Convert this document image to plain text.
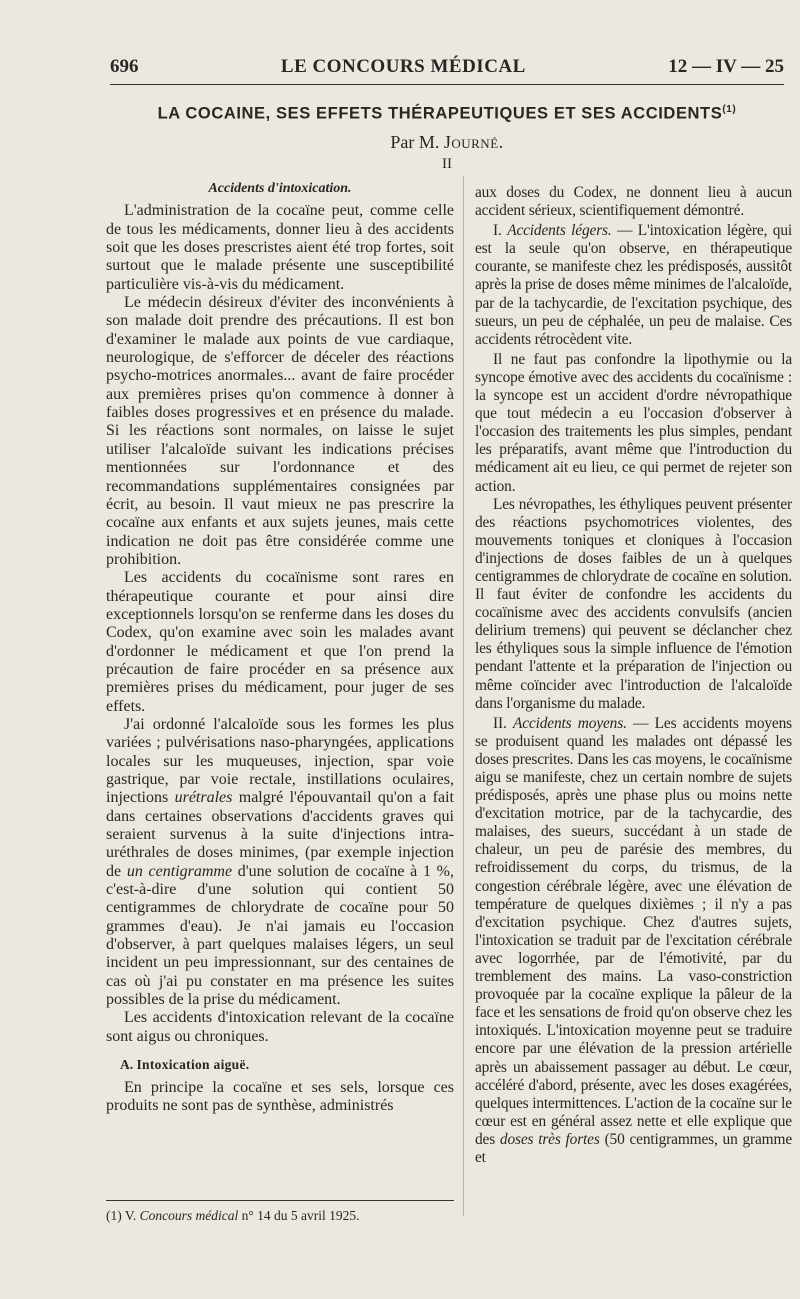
696	LE CONCOURS MÉDICAL	12 — IV — 25
LA COCAINE, SES EFFETS THÉRAPEUTIQUES ET SES ACCIDENTS$^{(1)}$
Par M. Journé.
II

Accidents d'intoxication.

L'administration de la cocaïne peut, comme celle de tous les médicaments, donner lieu à des accidents soit que les doses prescristes aient été trop fortes, soit surtout que le malade présente une susceptibilité particulière vis-à-vis du médicament.

Le médecin désireux d'éviter des inconvénients à son malade doit prendre des précautions. Il est bon d'examiner le malade aux points de vue cardiaque, neurologique, de s'efforcer de déceler des réactions psycho-motrices anormales... avant de faire procéder aux premières prises qu'on commence à donner à faibles doses progressives et en présence du malade. Si les réactions sont normales, on laisse le sujet utiliser l'alcaloïde suivant les indications précises mentionnées sur l'ordonnance et des recommandations supplémentaires consignées par écrit, au besoin. Il vaut mieux ne pas prescrire la cocaïne aux enfants et aux sujets jeunes, mais cette indication ne doit pas être considérée comme une prohibition.

Les accidents du cocaïnisme sont rares en thérapeutique courante et pour ainsi dire exceptionnels lorsqu'on se renferme dans les doses du Codex, qu'on examine avec soin les malades avant d'ordonner le médicament et que l'on prend la précaution de faire procéder en sa présence aux premières prises du médicament, pour juger de ses effets.

J'ai ordonné l'alcaloïde sous les formes les plus variées ; pulvérisations naso-pharyngées, applications locales sur les muqueuses, injection, spar voie gastrique, par voie rectale, instillations oculaires, injections urétrales malgré l'épouvantail qu'on a fait dans certaines observations d'accidents graves qui seraient survenus à la suite d'injections intra-uréthrales de doses minimes, (par exemple injection de un centigramme d'une solution de cocaïne à 1 %, c'est-à-dire d'une solution qui contient 50 centigrammes de chlorydrate de cocaïne pour 50 grammes d'eau). Je n'ai jamais eu l'occasion d'observer, à part quelques malaises légers, un seul incident un peu impressionnant, sur des centaines de cas où j'ai pu constater en ma présence les suites possibles de la prise du médicament.

Les accidents d'intoxication relevant de la cocaïne sont aigus ou chroniques.

A. Intoxication aiguë.

En principe la cocaïne et ses sels, lorsque ces produits ne sont pas de synthèse, administrés

aux doses du Codex, ne donnent lieu à aucun accident sérieux, scientifiquement démontré.

I. Accidents légers. — L'intoxication légère, qui est la seule qu'on observe, en thérapeutique courante, se manifeste chez les prédisposés, aussitôt après la prise de doses même minimes de l'alcaloïde, par de la tachycardie, de l'excitation psychique, des sueurs, un peu de céphalée, un peu de malaise. Ces accidents rétrocèdent vite.

Il ne faut pas confondre la lipothymie ou la syncope émotive avec des accidents du cocaïnisme : la syncope est un accident d'ordre névropathique que tout médecin a eu l'occasion d'observer à l'occasion des traitements les plus simples, pendant les préparatifs, avant même que l'introduction du médicament ait eu lieu, ce qui permet de rejeter son action.

Les névropathes, les éthyliques peuvent présenter des réactions psychomotrices violentes, des mouvements toniques et cloniques à l'occasion d'injections de doses faibles de un à quelques centigrammes de chlorydrate de cocaïne en solution. Il faut éviter de confondre les accidents du cocaïnisme avec des accidents convulsifs (ancien delirium tremens) qui peuvent se déclancher chez les éthyliques sous la simple influence de l'émotion pendant l'attente et la préparation de l'injection ou même coïncider avec l'introduction de l'alcaloïde dans l'organisme du malade.

II. Accidents moyens. — Les accidents moyens se produisent quand les malades ont dépassé les doses prescrites. Dans les cas moyens, le cocaïnisme aigu se manifeste, chez un certain nombre de sujets prédisposés, après une phase plus ou moins nette d'excitation motrice, par de la tachycardie, des malaises, des sueurs, succédant à un stade de chaleur, un peu de parésie des membres, du refroidissement du corps, du trismus, de la congestion cérébrale légère, avec une élévation de température de quelques dixièmes ; il n'y a pas d'excitation psychique. Chez d'autres sujets, l'intoxication se traduit par de l'excitation cérébrale avec logorrhée, par de l'émotivité, par du tremblement des mains. La vaso-constriction provoquée par la cocaïne explique la pâleur de la face et les sensations de froid qu'on observe chez les intoxiqués. L'intoxication moyenne peut se traduire encore par une élévation de la pression artérielle après un abaissement passager au début. Le cœur, accéléré d'abord, présente, avec les doses exagérées, quelques intermittences. L'action de la cocaïne sur le cœur est en général assez nette et elle explique que des doses très fortes (50 centigrammes, un gramme et

(1) V. Concours médical n° 14 du 5 avril 1925.
